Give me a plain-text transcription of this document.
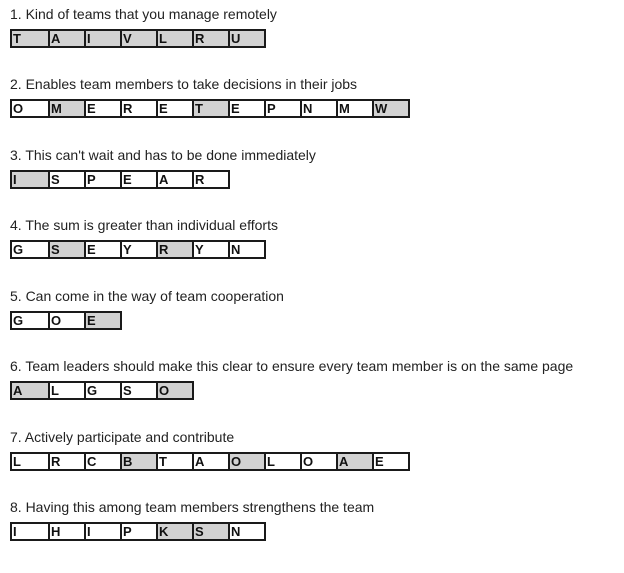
1. Kind of teams that you manage remotely

T	A	I	V	L	R	U

2. Enables team members to take decisions in their jobs

O	M	E	R	E	T	E	P	N	M	W

3. This can't wait and has to be done immediately

I	S	P	E	A	R

4. The sum is greater than individual efforts

G	S	E	Y	R	Y	N

5. Can come in the way of team cooperation

G	O	E

6. Team leaders should make this clear to ensure every team member is on the same page

A	L	G	S	O

7. Actively participate and contribute

L	R	C	B	T	A	O	L	O	A	E

8. Having this among team members strengthens the team

I	H	I	P	K	S	N
